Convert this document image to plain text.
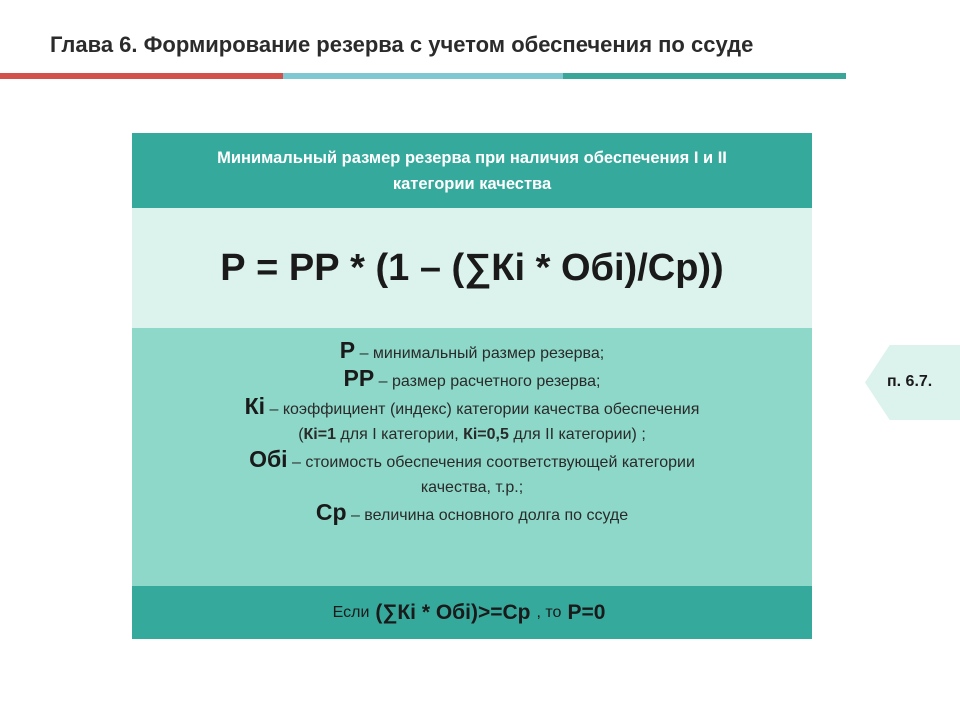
Глава 6. Формирование резерва с учетом обеспечения по ссуде
Минимальный размер резерва при наличия обеспечения I и II
категории качества
Р = РР * (1 – (∑Кi * Обi)/Ср))
Р – минимальный размер резерва;
РР – размер расчетного резерва;
Кi – коэффициент (индекс) категории качества обеспечения
(Кi=1 для I категории, Кi=0,5 для II категории) ;
Обi – стоимость обеспечения соответствующей категории
качества, т.р.;
Ср – величина основного долга по ссуде
Если (∑Кi * Обi)>=Ср , то Р=0
п. 6.7.
